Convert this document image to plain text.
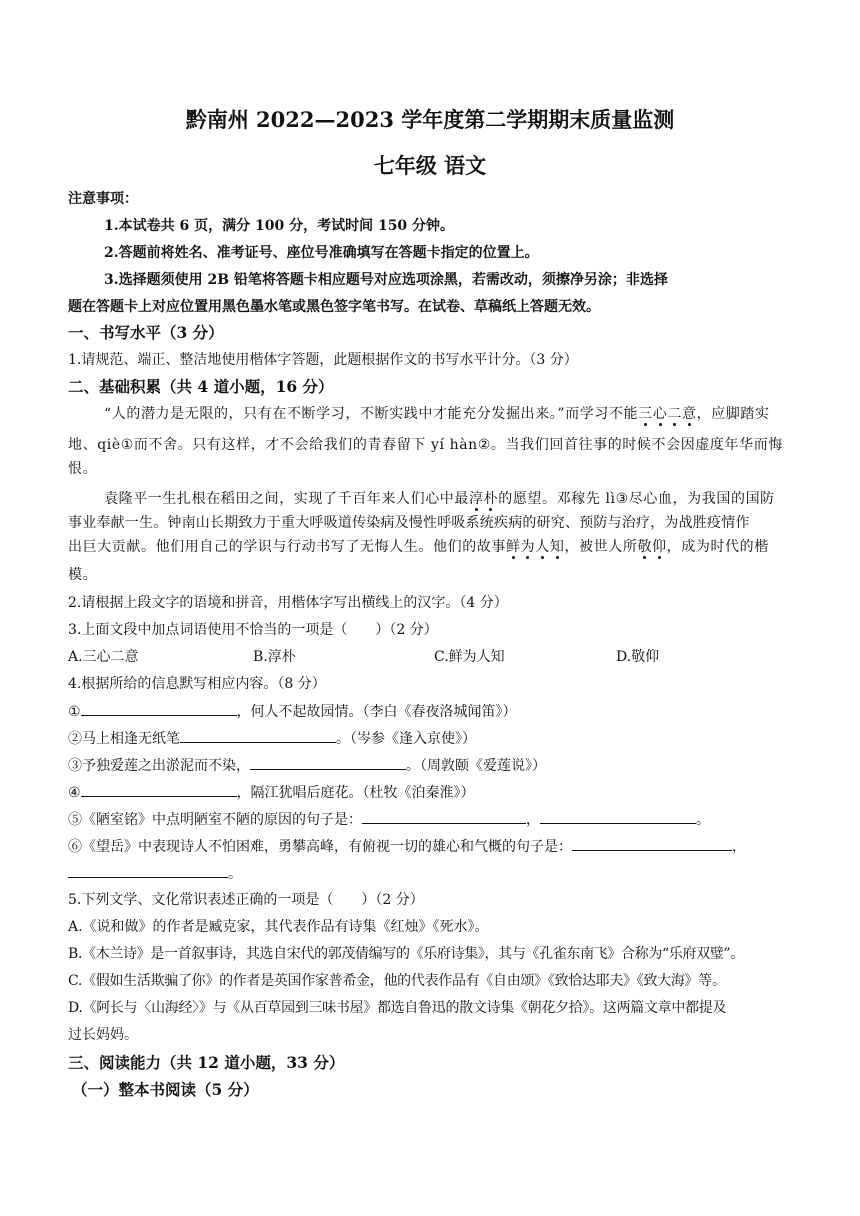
黔南州 2022—2023 学年度第二学期期末质量监测
七年级 语文
注意事项：
1.本试卷共 6 页，满分 100 分，考试时间 150 分钟。
2.答题前将姓名、准考证号、座位号准确填写在答题卡指定的位置上。
3.选择题须使用 2B 铅笔将答题卡相应题号对应选项涂黑，若需改动，须擦净另涂；非选择
题在答题卡上对应位置用黑色墨水笔或黑色签字笔书写。在试卷、草稿纸上答题无效。
一、书写水平（3 分）
1.请规范、端正、整洁地使用楷体字答题，此题根据作文的书写水平计分。（3 分）
二、基础积累（共 4 道小题，16 分）
“人的潜力是无限的，只有在不断学习，不断实践中才能充分发掘出来。”而学习不能三心二意，应脚踏实
地、qiè①而不舍。只有这样，才不会给我们的青春留下 yí hàn②。当我们回首往事的时候不会因虚度年华而悔
恨。
袁隆平一生扎根在稻田之间，实现了千百年来人们心中最淳朴的愿望。邓稼先 lì③尽心血，为我国的国防
事业奉献一生。钟南山长期致力于重大呼吸道传染病及慢性呼吸系统疾病的研究、预防与治疗，为战胜疫情作
出巨大贡献。他们用自己的学识与行动书写了无悔人生。他们的故事鲜为人知，被世人所敬仰，成为时代的楷
模。
2.请根据上段文字的语境和拼音，用楷体字写出横线上的汉字。（4 分）
3.上面文段中加点词语使用不恰当的一项是（　　）（2 分）
A.三心二意	B.淳朴	C.鲜为人知	D.敬仰
4.根据所给的信息默写相应内容。（8 分）
①	，何人不起故园情。（李白《春夜洛城闻笛》）
②马上相逢无纸笔	。（岑参《逢入京使》）
③予独爱莲之出淤泥而不染，	。（周敦颐《爱莲说》）
④	，隔江犹唱后庭花。（杜牧《泊秦淮》）
⑤《陋室铭》中点明陋室不陋的原因的句子是：	，	。
⑥《望岳》中表现诗人不怕困难，勇攀高峰，有俯视一切的雄心和气概的句子是：	，
。
5.下列文学、文化常识表述正确的一项是（　　）（2 分）
A.《说和做》的作者是臧克家，其代表作品有诗集《红烛》《死水》。
B.《木兰诗》是一首叙事诗，其选自宋代的郭茂倩编写的《乐府诗集》，其与《孔雀东南飞》合称为“乐府双璧”。
C.《假如生活欺骗了你》的作者是英国作家普希金，他的代表作品有《自由颂》《致恰达耶夫》《致大海》等。
D.《阿长与〈山海经〉》与《从百草园到三味书屋》都选自鲁迅的散文诗集《朝花夕拾》。这两篇文章中都提及
过长妈妈。
三、阅读能力（共 12 道小题，33 分）
（一）整本书阅读（5 分）
